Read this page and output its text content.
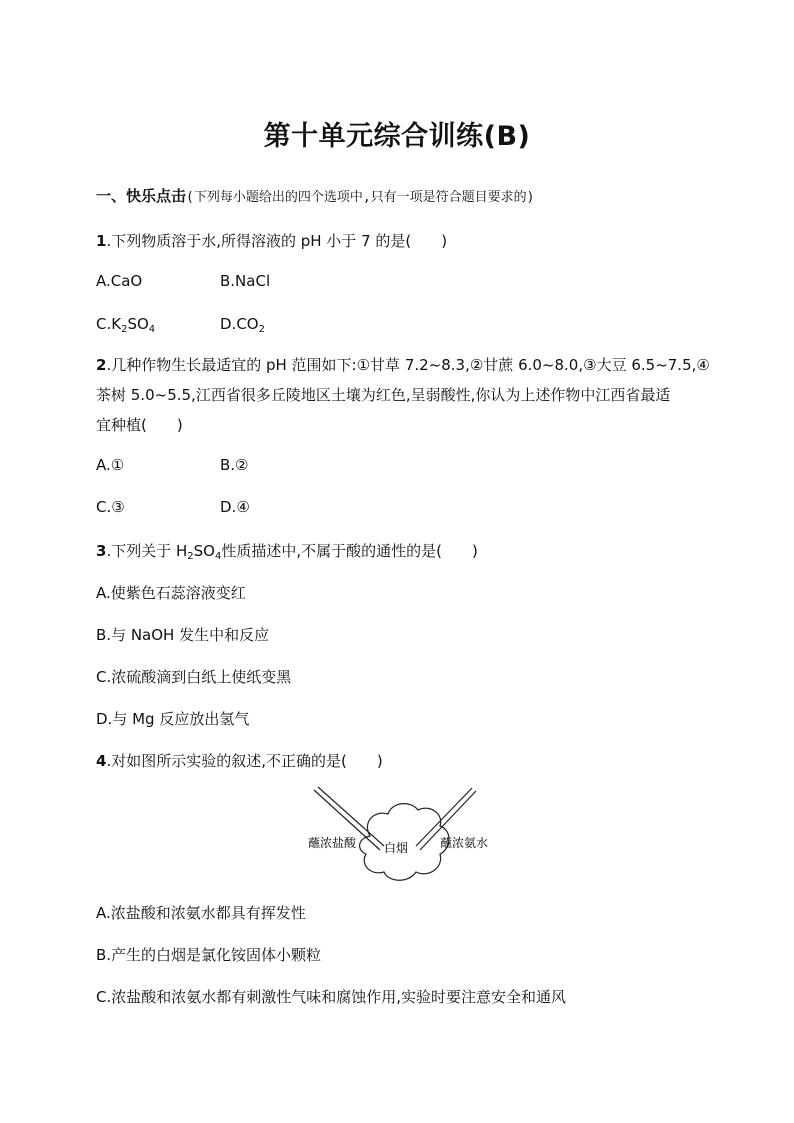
第十单元综合训练(B)
一、快乐点击(下列每小题给出的四个选项中,只有一项是符合题目要求的)
1.下列物质溶于水,所得溶液的 pH 小于 7 的是(　　)
A.CaO	B.NaCl
$C.K_2SO_4$	$D.CO_2$
2.几种作物生长最适宜的 pH 范围如下:①甘草 7.2~8.3,②甘蔗 6.0~8.0,③大豆 6.5~7.5,④
茶树 5.0~5.5,江西省很多丘陵地区土壤为红色,呈弱酸性,你认为上述作物中江西省最适
宜种植(　　)
A.①	B.②
C.③	D.④
3.下列关于 $H_2SO_4$性质描述中,不属于酸的通性的是(　　)
A.使紫色石蕊溶液变红
B.与 NaOH 发生中和反应
C.浓硫酸滴到白纸上使纸变黑
D.与 Mg 反应放出氢气
4.对如图所示实验的叙述,不正确的是(　　)
蘸浓盐酸 白烟	蘸浓氨水
A.浓盐酸和浓氨水都具有挥发性
B.产生的白烟是氯化铵固体小颗粒
C.浓盐酸和浓氨水都有刺激性气味和腐蚀作用,实验时要注意安全和通风
